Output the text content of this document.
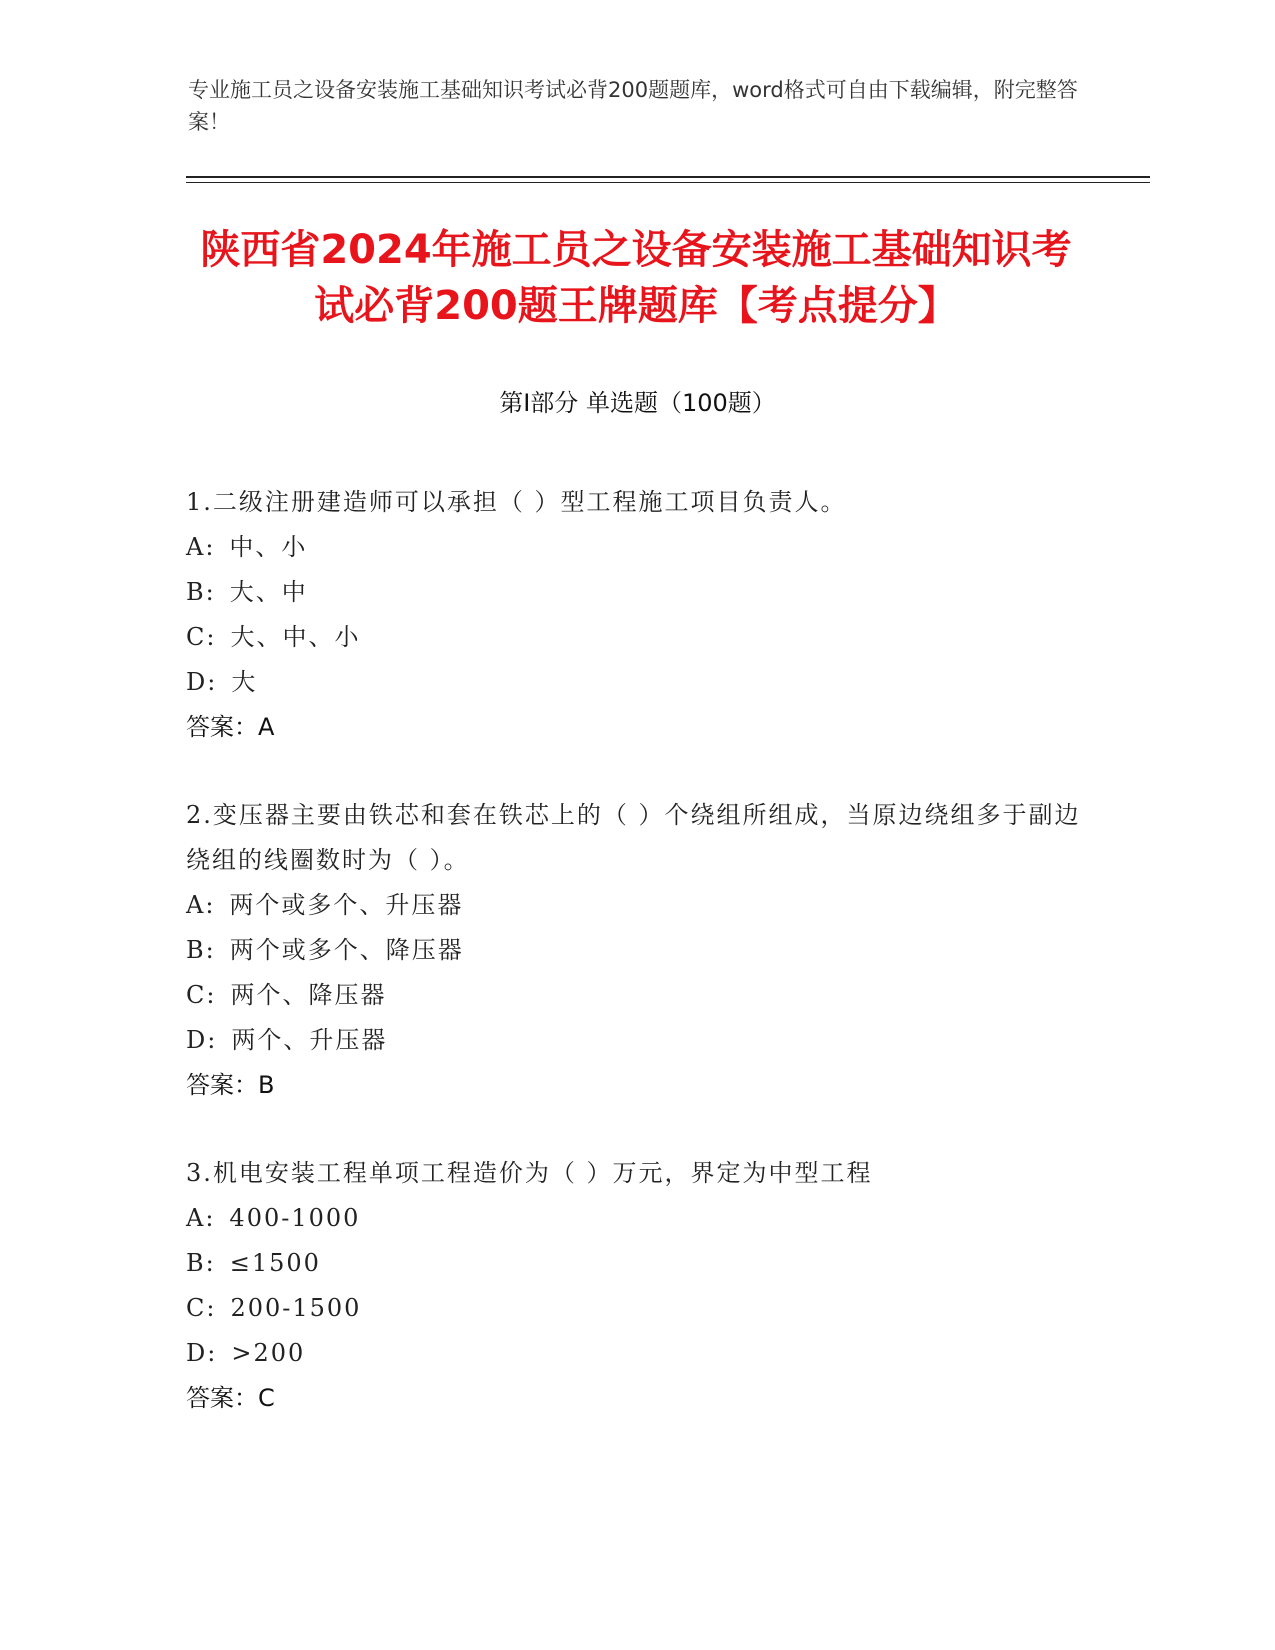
专业施工员之设备安装施工基础知识考试必背200题题库，word格式可自由下载编辑，附完整答案！
陕西省2024年施工员之设备安装施工基础知识考试必背200题王牌题库【考点提分】
第I部分 单选题（100题）
1.二级注册建造师可以承担（ ）型工程施工项目负责人。
A: 中、小
B: 大、中
C: 大、中、小
D: 大
答案：A
2.变压器主要由铁芯和套在铁芯上的（ ）个绕组所组成，当原边绕组多于副边绕组的线圈数时为（ ）。
A: 两个或多个、升压器
B: 两个或多个、降压器
C: 两个、降压器
D: 两个、升压器
答案：B
3.机电安装工程单项工程造价为（ ）万元，界定为中型工程
A: 400-1000
B: ≤1500
C: 200-1500
D: >200
答案：C
